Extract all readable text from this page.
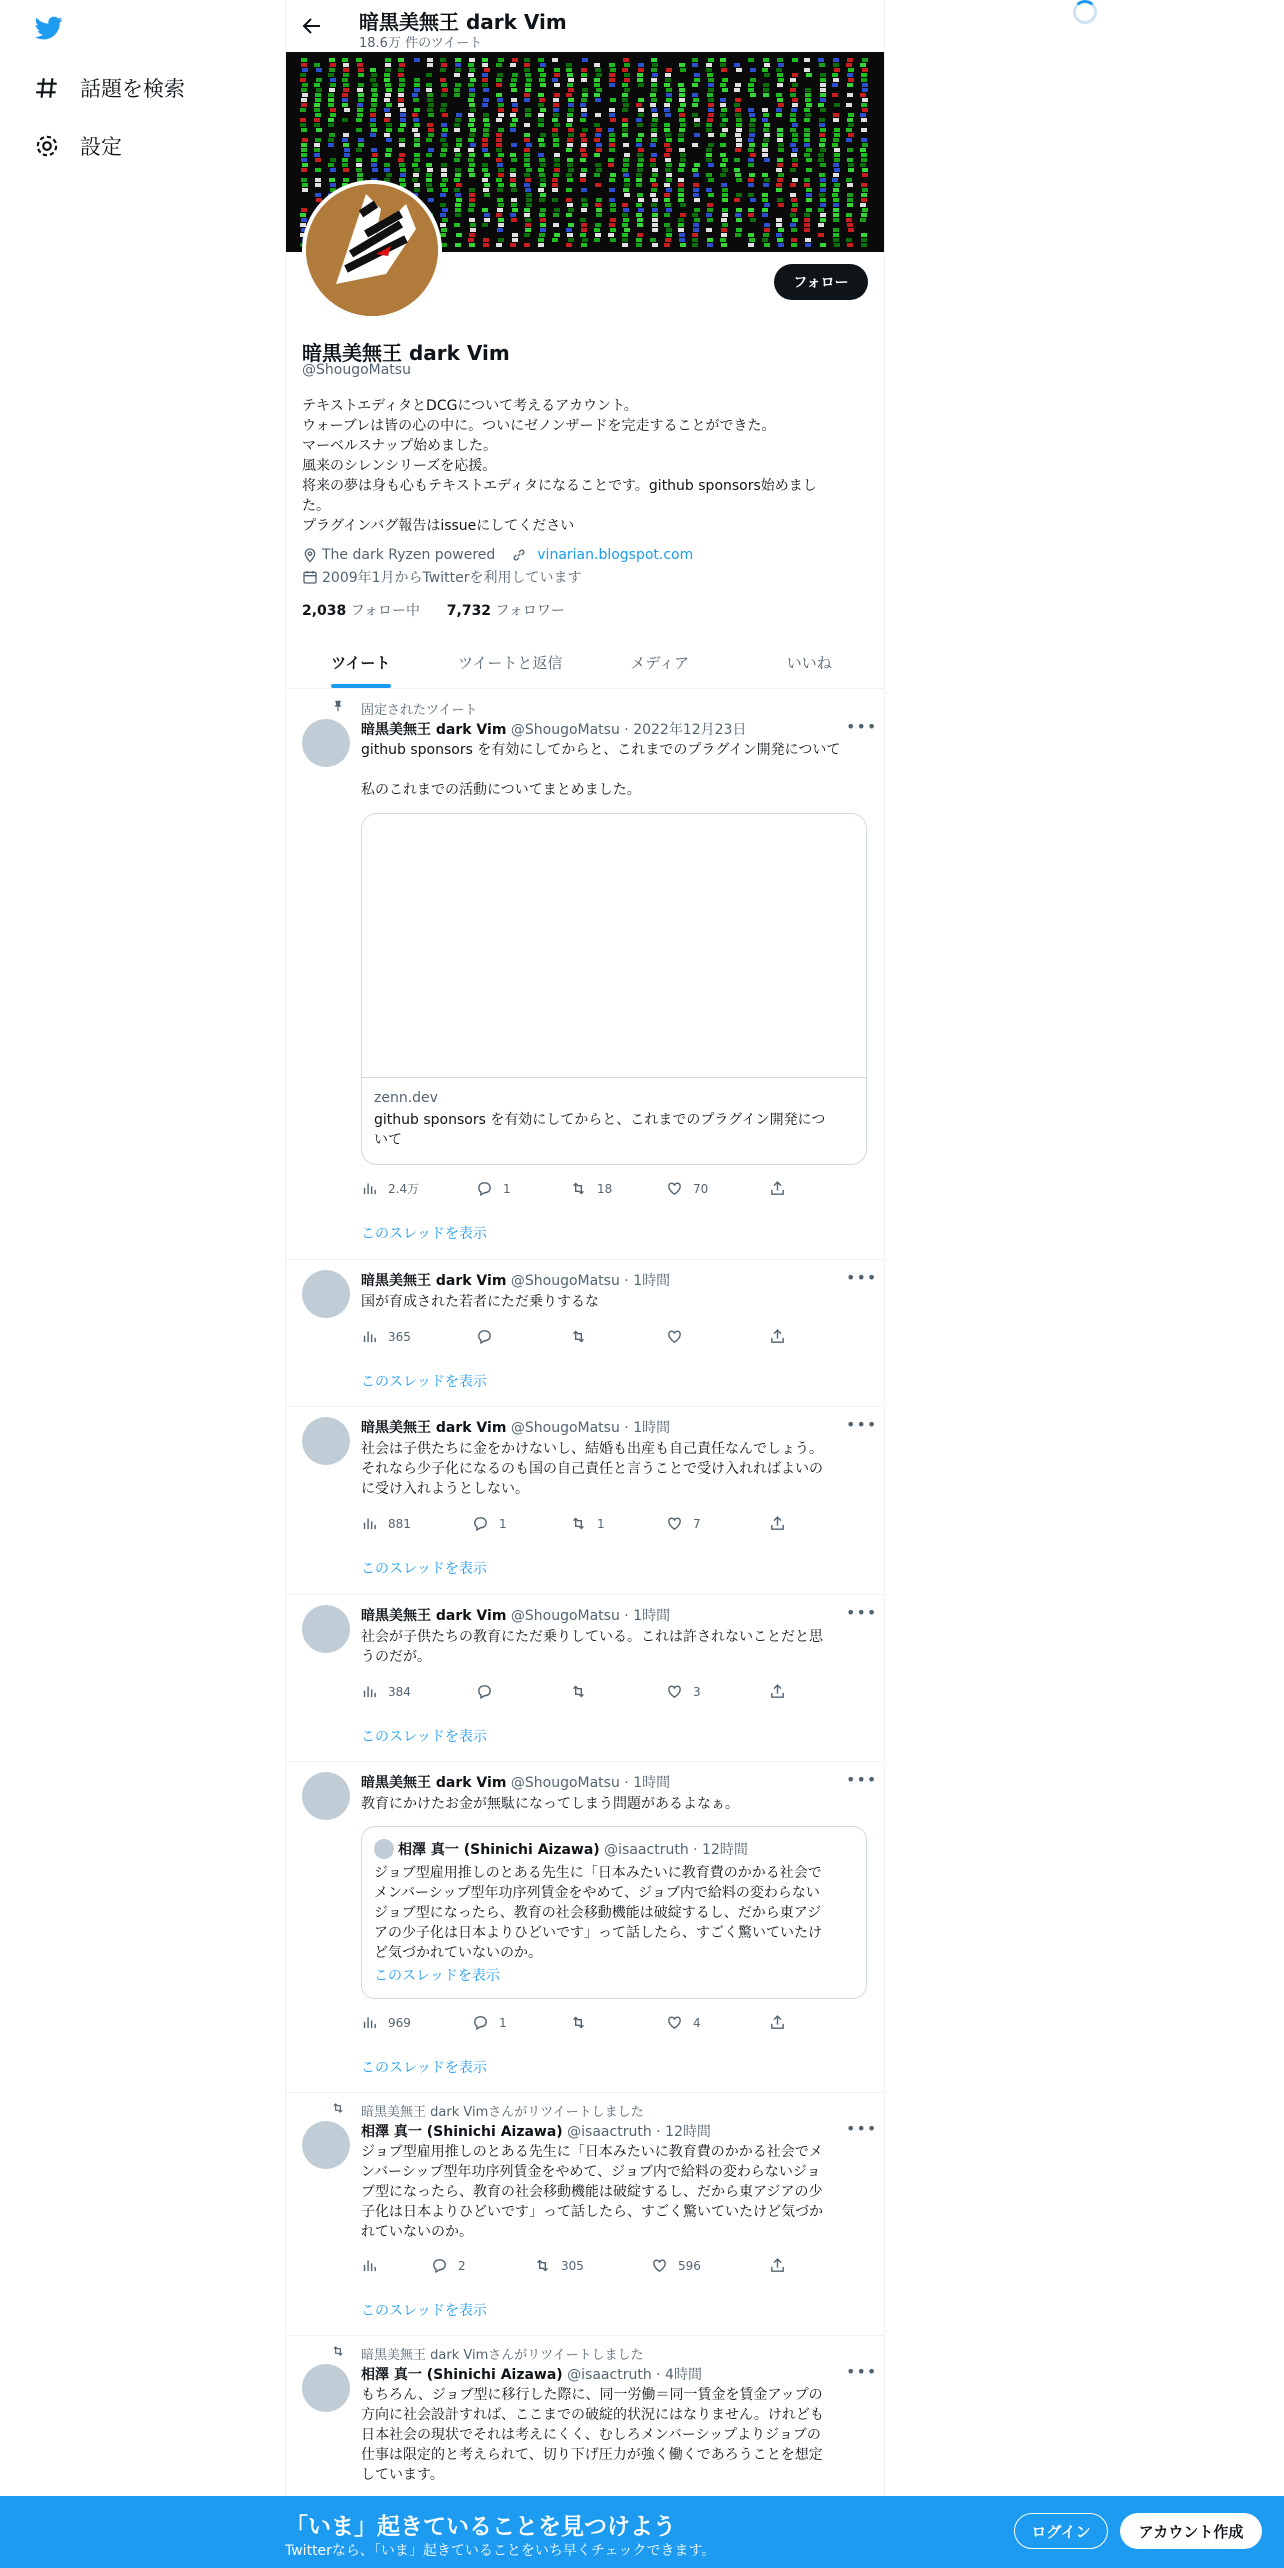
話題を検索
設定
暗黒美無王 dark Vim
18.6万 件のツイート
フォロー
暗黒美無王 dark Vim
@ShougoMatsu
テキストエディタとDCGについて考えるアカウント。
ウォーブレは皆の心の中に。ついにゼノンザードを完走することができた。
マーベルスナップ始めました。
風来のシレンシリーズを応援。
将来の夢は身も心もテキストエディタになることです。github sponsors始めまし
た。
プラグインバグ報告はissueにしてください
The dark Ryzen powered	vinarian.blogspot.com
2009年1月からTwitterを利用しています
2,038 フォロー中 7,732 フォロワー
ツイート	ツイートと返信	メディア	いいね
固定されたツイート
暗黒美無王 dark Vim @ShougoMatsu · 2022年12月23日	•••
github sponsors を有効にしてからと、これまでのプラグイン開発について

私のこれまでの活動についてまとめました。
zenn.dev
github sponsors を有効にしてからと、これまでのプラグイン開発につ
いて
2.4万	1	18	70
このスレッドを表示
暗黒美無王 dark Vim @ShougoMatsu · 1時間	•••
国が育成された若者にただ乗りするな
365
このスレッドを表示
暗黒美無王 dark Vim @ShougoMatsu · 1時間	•••
社会は子供たちに金をかけないし、結婚も出産も自己責任なんでしょう。
それなら少子化になるのも国の自己責任と言うことで受け入れればよいの
に受け入れようとしない。
881	1	1	7
このスレッドを表示
暗黒美無王 dark Vim @ShougoMatsu · 1時間	•••
社会が子供たちの教育にただ乗りしている。これは許されないことだと思
うのだが。
384	3
このスレッドを表示
暗黒美無王 dark Vim @ShougoMatsu · 1時間	•••
教育にかけたお金が無駄になってしまう問題があるよなぁ。
相澤 真一 (Shinichi Aizawa) @isaactruth · 12時間
ジョブ型雇用推しのとある先生に「日本みたいに教育費のかかる社会で
メンバーシップ型年功序列賃金をやめて、ジョブ内で給料の変わらない
ジョブ型になったら、教育の社会移動機能は破綻するし、だから東アジ
アの少子化は日本よりひどいです」って話したら、すごく驚いていたけ
ど気づかれていないのか。
このスレッドを表示
969	1	4
このスレッドを表示
暗黒美無王 dark Vimさんがリツイートしました
相澤 真一 (Shinichi Aizawa) @isaactruth · 12時間	•••
ジョブ型雇用推しのとある先生に「日本みたいに教育費のかかる社会でメ
ンバーシップ型年功序列賃金をやめて、ジョブ内で給料の変わらないジョ
ブ型になったら、教育の社会移動機能は破綻するし、だから東アジアの少
子化は日本よりひどいです」って話したら、すごく驚いていたけど気づか
れていないのか。
2	305	596
このスレッドを表示
暗黒美無王 dark Vimさんがリツイートしました
相澤 真一 (Shinichi Aizawa) @isaactruth · 4時間	•••
もちろん、ジョブ型に移行した際に、同一労働＝同一賃金を賃金アップの
方向に社会設計すれば、ここまでの破綻的状況にはなりません。けれども
日本社会の現状でそれは考えにくく、むしろメンバーシップよりジョブの
仕事は限定的と考えられて、切り下げ圧力が強く働くであろうことを想定
しています。
「いま」起きていることを見つけよう
Twitterなら、「いま」起きていることをいち早くチェックできます。
ログイン	アカウント作成
